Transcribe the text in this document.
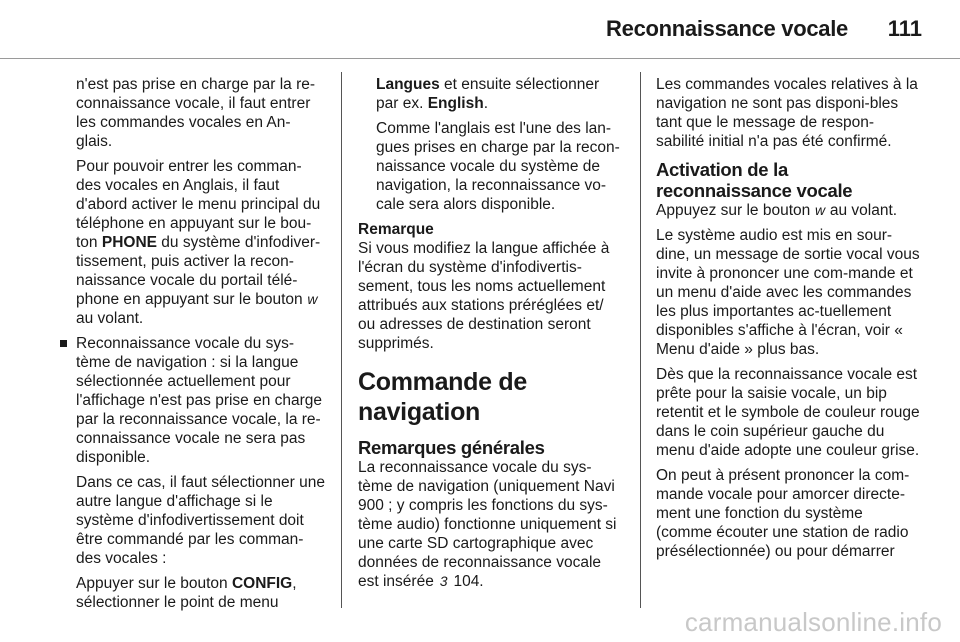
Reconnaissance vocale 111

n'est pas prise en charge par la re-connaissance vocale, il faut entrer les commandes vocales en An-glais.

Pour pouvoir entrer les comman-des vocales en Anglais, il faut d'abord activer le menu principal du téléphone en appuyant sur le bou-ton PHONE du système d'infodiver-tissement, puis activer la recon-naissance vocale du portail télé-phone en appuyant sur le bouton w au volant.

Reconnaissance vocale du sys-tème de navigation : si la langue sélectionnée actuellement pour l'affichage n'est pas prise en charge par la reconnaissance vocale, la re-connaissance vocale ne sera pas disponible.

Dans ce cas, il faut sélectionner une autre langue d'affichage si le système d'infodivertissement doit être commandé par les comman-des vocales :

Appuyer sur le bouton CONFIG, sélectionner le point de menu

Langues et ensuite sélectionner par ex. English.

Comme l'anglais est l'une des lan-gues prises en charge par la recon-naissance vocale du système de navigation, la reconnaissance vo-cale sera alors disponible.

Remarque

Si vous modifiez la langue affichée à l'écran du système d'infodivertis-sement, tous les noms actuellement attribués aux stations préréglées et/ ou adresses de destination seront supprimés.

Commande de navigation
Remarques générales

La reconnaissance vocale du sys-tème de navigation (uniquement Navi 900 ; y compris les fonctions du sys-tème audio) fonctionne uniquement si une carte SD cartographique avec données de reconnaissance vocale est insérée 3 104.

Les commandes vocales relatives à la navigation ne sont pas disponi-bles tant que le message de respon-sabilité initial n'a pas été confirmé.

Activation de la reconnaissance vocale

Appuyez sur le bouton w au volant.

Le système audio est mis en sour-dine, un message de sortie vocal vous invite à prononcer une com-mande et un menu d'aide avec les commandes les plus importantes ac-tuellement disponibles s'affiche à l'écran, voir « Menu d'aide » plus bas.

Dès que la reconnaissance vocale est prête pour la saisie vocale, un bip retentit et le symbole de couleur rouge dans le coin supérieur gauche du menu d'aide adopte une couleur grise.

On peut à présent prononcer la com-mande vocale pour amorcer directe-ment une fonction du système (comme écouter une station de radio présélectionnée) ou pour démarrer

carmanualsonline.info
